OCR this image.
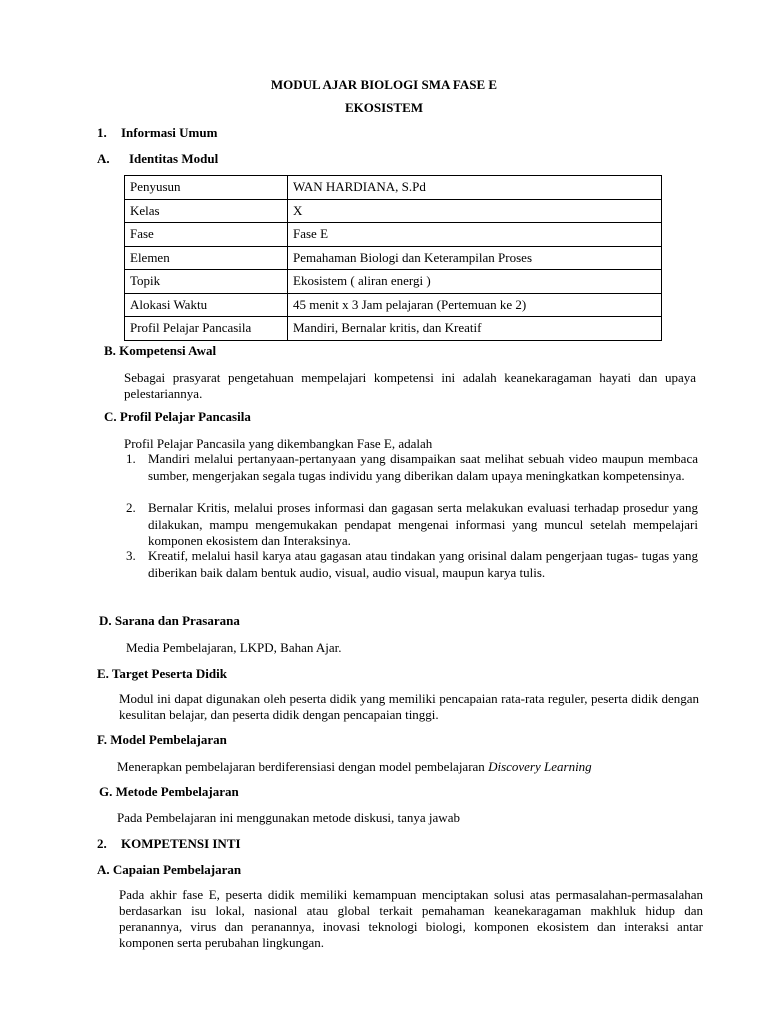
MODUL AJAR BIOLOGI SMA FASE E
EKOSISTEM
1. Informasi Umum
A. Identitas Modul
Penyusun	WAN HARDIANA, S.Pd
Kelas	X
Fase	Fase E
Elemen	Pemahaman Biologi dan Keterampilan Proses
Topik	Ekosistem ( aliran energi )
Alokasi Waktu	45 menit x 3 Jam pelajaran (Pertemuan ke 2)
Profil Pelajar Pancasila	Mandiri, Bernalar kritis, dan Kreatif
B. Kompetensi Awal
Sebagai prasyarat pengetahuan mempelajari kompetensi ini adalah keanekaragaman hayati dan upaya pelestariannya.
C. Profil Pelajar Pancasila
Profil Pelajar Pancasila yang dikembangkan Fase E, adalah
1. Mandiri melalui pertanyaan-pertanyaan yang disampaikan saat melihat sebuah video maupun membaca sumber, mengerjakan segala tugas individu yang diberikan dalam upaya meningkatkan kompetensinya.
2. Bernalar Kritis, melalui proses informasi dan gagasan serta melakukan evaluasi terhadap prosedur yang dilakukan, mampu mengemukakan pendapat mengenai informasi yang muncul setelah mempelajari komponen ekosistem dan Interaksinya.
3. Kreatif, melalui hasil karya atau gagasan atau tindakan yang orisinal dalam pengerjaan tugas- tugas yang diberikan baik dalam bentuk audio, visual, audio visual, maupun karya tulis.
D. Sarana dan Prasarana
Media Pembelajaran, LKPD, Bahan Ajar.
E. Target Peserta Didik
Modul ini dapat digunakan oleh peserta didik yang memiliki pencapaian rata-rata reguler, peserta didik dengan kesulitan belajar, dan peserta didik dengan pencapaian tinggi.
F. Model Pembelajaran
Menerapkan pembelajaran berdiferensiasi dengan model pembelajaran Discovery Learning
G. Metode Pembelajaran
Pada Pembelajaran ini menggunakan metode diskusi, tanya jawab
2. KOMPETENSI INTI
A. Capaian Pembelajaran
Pada akhir fase E, peserta didik memiliki kemampuan menciptakan solusi atas permasalahan-permasalahan berdasarkan isu lokal, nasional atau global terkait pemahaman keanekaragaman makhluk hidup dan peranannya, virus dan peranannya, inovasi teknologi biologi, komponen ekosistem dan interaksi antar komponen serta perubahan lingkungan.
